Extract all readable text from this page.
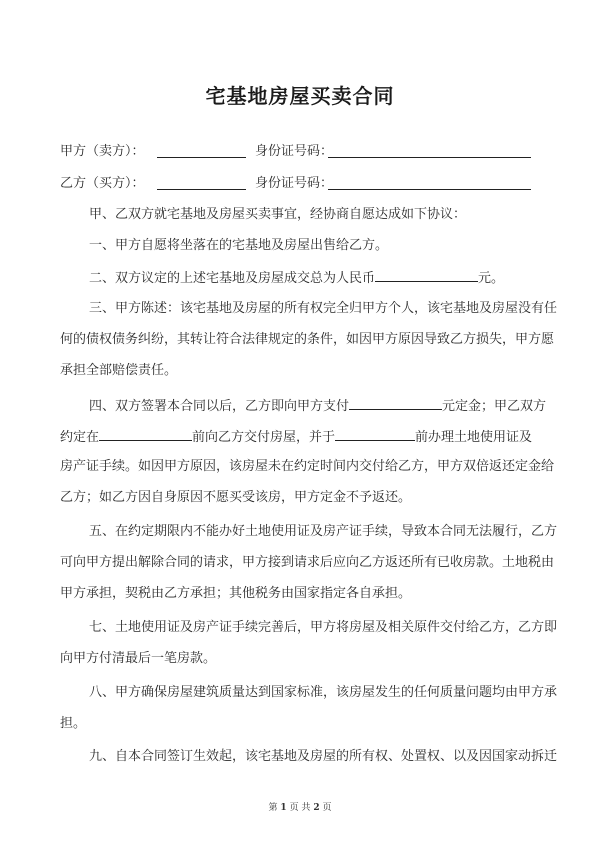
宅基地房屋买卖合同
甲方（卖方）：	身份证号码：
乙方（买方）：	身份证号码：
甲、乙双方就宅基地及房屋买卖事宜，经协商自愿达成如下协议：
一、甲方自愿将坐落在的宅基地及房屋出售给乙方。
二、双方议定的上述宅基地及房屋成交总为人民币	元。
三、甲方陈述：该宅基地及房屋的所有权完全归甲方个人，该宅基地及房屋没有任
何的债权债务纠纷，其转让符合法律规定的条件，如因甲方原因导致乙方损失，甲方愿
承担全部赔偿责任。
四、双方签署本合同以后，乙方即向甲方支付	元定金；甲乙双方
约定在	前向乙方交付房屋，并于	前办理土地使用证及
房产证手续。如因甲方原因，该房屋未在约定时间内交付给乙方，甲方双倍返还定金给
乙方；如乙方因自身原因不愿买受该房，甲方定金不予返还。
五、在约定期限内不能办好土地使用证及房产证手续，导致本合同无法履行，乙方
可向甲方提出解除合同的请求，甲方接到请求后应向乙方返还所有已收房款。土地税由
甲方承担，契税由乙方承担；其他税务由国家指定各自承担。
七、土地使用证及房产证手续完善后，甲方将房屋及相关原件交付给乙方，乙方即
向甲方付清最后一笔房款。
八、甲方确保房屋建筑质量达到国家标准，该房屋发生的任何质量问题均由甲方承
担。
九、自本合同签订生效起，该宅基地及房屋的所有权、处置权、以及因国家动拆迁
第 1 页 共 2 页
